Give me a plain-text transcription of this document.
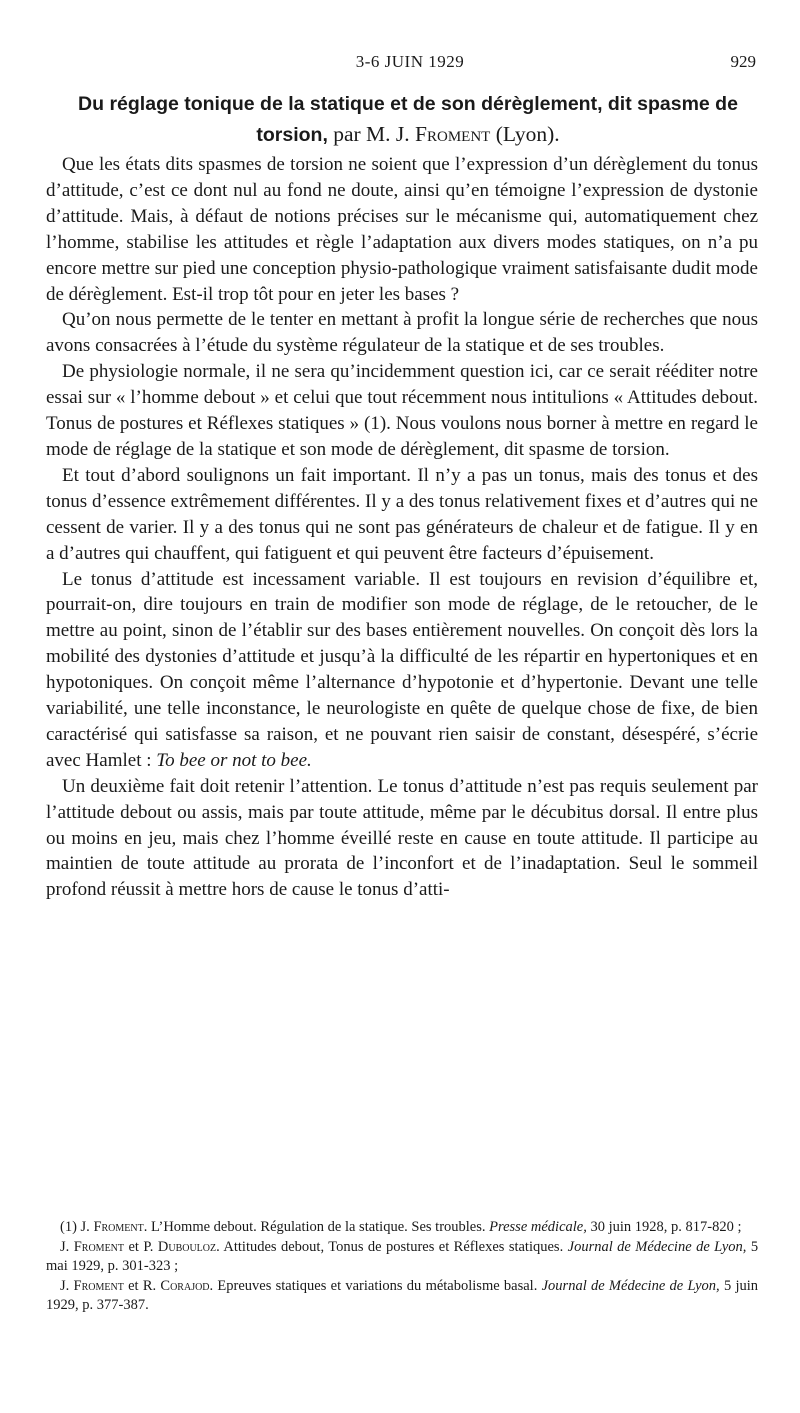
3-6 JUIN 1929	929
Du réglage tonique de la statique et de son dérèglement, dit spasme de torsion, par M. J. Froment (Lyon).

Que les états dits spasmes de torsion ne soient que l’expression d’un dérèglement du tonus d’attitude, c’est ce dont nul au fond ne doute, ainsi qu’en témoigne l’expression de dystonie d’attitude. Mais, à défaut de notions précises sur le mécanisme qui, automatiquement chez l’homme, stabilise les attitudes et règle l’adaptation aux divers modes statiques, on n’a pu encore mettre sur pied une conception physio-pathologique vraiment satisfaisante dudit mode de dérèglement. Est-il trop tôt pour en jeter les bases ?

Qu’on nous permette de le tenter en mettant à profit la longue série de recherches que nous avons consacrées à l’étude du système régulateur de la statique et de ses troubles.

De physiologie normale, il ne sera qu’incidemment question ici, car ce serait rééditer notre essai sur « l’homme debout » et celui que tout récemment nous intitulions « Attitudes debout. Tonus de postures et Réflexes statiques » (1). Nous voulons nous borner à mettre en regard le mode de réglage de la statique et son mode de dérèglement, dit spasme de torsion.

Et tout d’abord soulignons un fait important. Il n’y a pas un tonus, mais des tonus et des tonus d’essence extrêmement différentes. Il y a des tonus relativement fixes et d’autres qui ne cessent de varier. Il y a des tonus qui ne sont pas générateurs de chaleur et de fatigue. Il y en a d’autres qui chauffent, qui fatiguent et qui peuvent être facteurs d’épuisement.

Le tonus d’attitude est incessament variable. Il est toujours en revision d’équilibre et, pourrait-on, dire toujours en train de modifier son mode de réglage, de le retoucher, de le mettre au point, sinon de l’établir sur des bases entièrement nouvelles. On conçoit dès lors la mobilité des dystonies d’attitude et jusqu’à la difficulté de les répartir en hypertoniques et en hypotoniques. On conçoit même l’alternance d’hypotonie et d’hypertonie. Devant une telle variabilité, une telle inconstance, le neurologiste en quête de quelque chose de fixe, de bien caractérisé qui satisfasse sa raison, et ne pouvant rien saisir de constant, désespéré, s’écrie avec Hamlet : To bee or not to bee.

Un deuxième fait doit retenir l’attention. Le tonus d’attitude n’est pas requis seulement par l’attitude debout ou assis, mais par toute attitude, même par le décubitus dorsal. Il entre plus ou moins en jeu, mais chez l’homme éveillé reste en cause en toute attitude. Il participe au maintien de toute attitude au prorata de l’inconfort et de l’inadaptation. Seul le sommeil profond réussit à mettre hors de cause le tonus d’atti-

(1) J. Froment. L’Homme debout. Régulation de la statique. Ses troubles. Presse médicale, 30 juin 1928, p. 817-820 ;

J. Froment et P. Dubouloz. Attitudes debout, Tonus de postures et Réflexes statiques. Journal de Médecine de Lyon, 5 mai 1929, p. 301-323 ;

J. Froment et R. Corajod. Epreuves statiques et variations du métabolisme basal. Journal de Médecine de Lyon, 5 juin 1929, p. 377-387.
